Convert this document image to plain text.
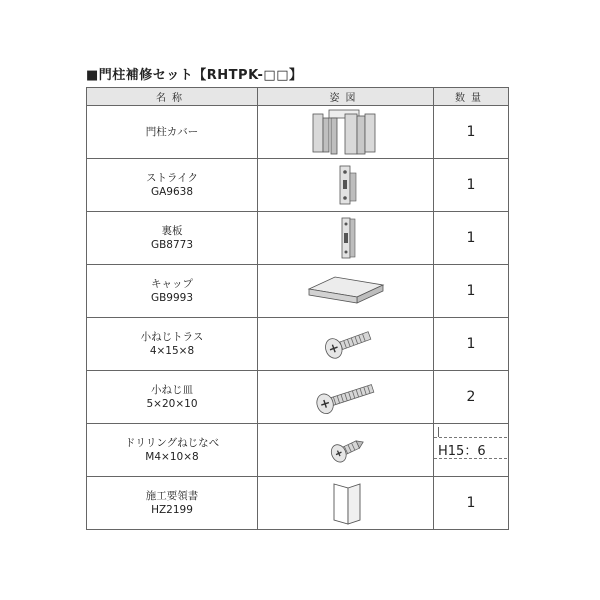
■門柱補修セット【RHTPK-□□】
名称	姿図	数量

門柱カバー		1

ストライク
GA9638		1

裏板
GB8773		1

キャップ
GB9993		1

小ねじトラス
4×15×8		1

小ねじ皿
5×20×10		2

ドリリングねじなべ
M4×10×8		H15：6

施工要領書
HZ2199		1
